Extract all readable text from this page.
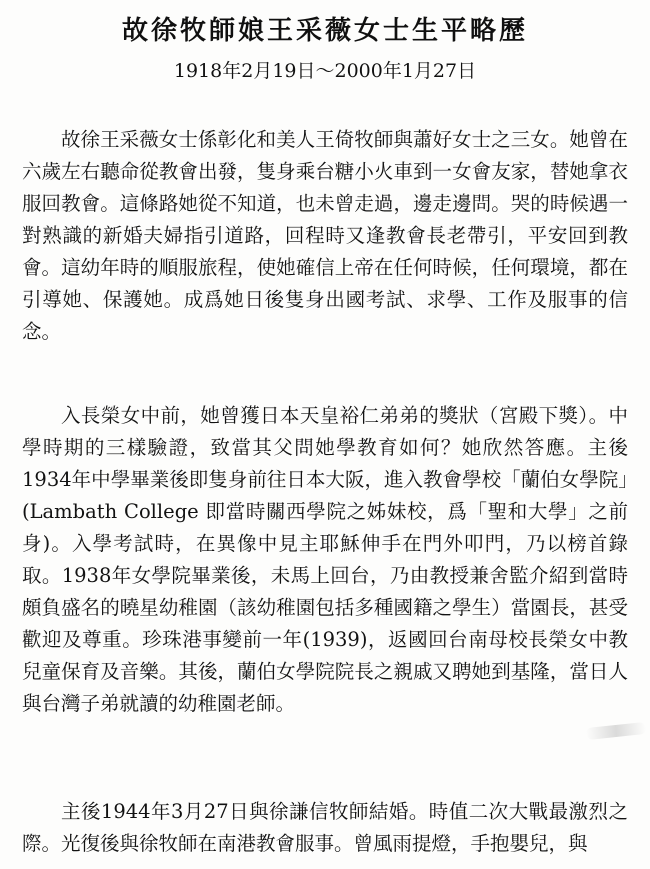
故徐牧師娘王采薇女士生平略歷
1918年2月19日～2000年1月27日

故徐王采薇女士係彰化和美人王倚牧師與蕭好女士之三女。她曾在六歲左右聽命從教會出發，隻身乘台糖小火車到一女會友家，替她拿衣服回教會。這條路她從不知道，也未曾走過，邊走邊問。哭的時候遇一對熟識的新婚夫婦指引道路，回程時又逢教會長老帶引，平安回到教會。這幼年時的順服旅程，使她確信上帝在任何時候，任何環境，都在引導她、保護她。成爲她日後隻身出國考試、求學、工作及服事的信念。

入長榮女中前，她曾獲日本天皇裕仁弟弟的獎狀（宮殿下獎）。中學時期的三樣驗證，致當其父問她學教育如何？她欣然答應。主後1934年中學畢業後即隻身前往日本大阪，進入教會學校「蘭伯女學院」(Lambath College 即當時關西學院之姊妹校，爲「聖和大學」之前身)。入學考試時，在異像中見主耶穌伸手在門外叩門，乃以榜首錄取。1938年女學院畢業後，未馬上回台，乃由教授兼舍監介紹到當時頗負盛名的曉星幼稚園（該幼稚園包括多種國籍之學生）當園長，甚受歡迎及尊重。珍珠港事變前一年(1939)，返國回台南母校長榮女中教兒童保育及音樂。其後，蘭伯女學院院長之親戚又聘她到基隆，當日人與台灣子弟就讀的幼稚園老師。

主後1944年3月27日與徐謙信牧師結婚。時值二次大戰最激烈之際。光復後與徐牧師在南港教會服事。曾風雨提燈，手抱嬰兒，與
